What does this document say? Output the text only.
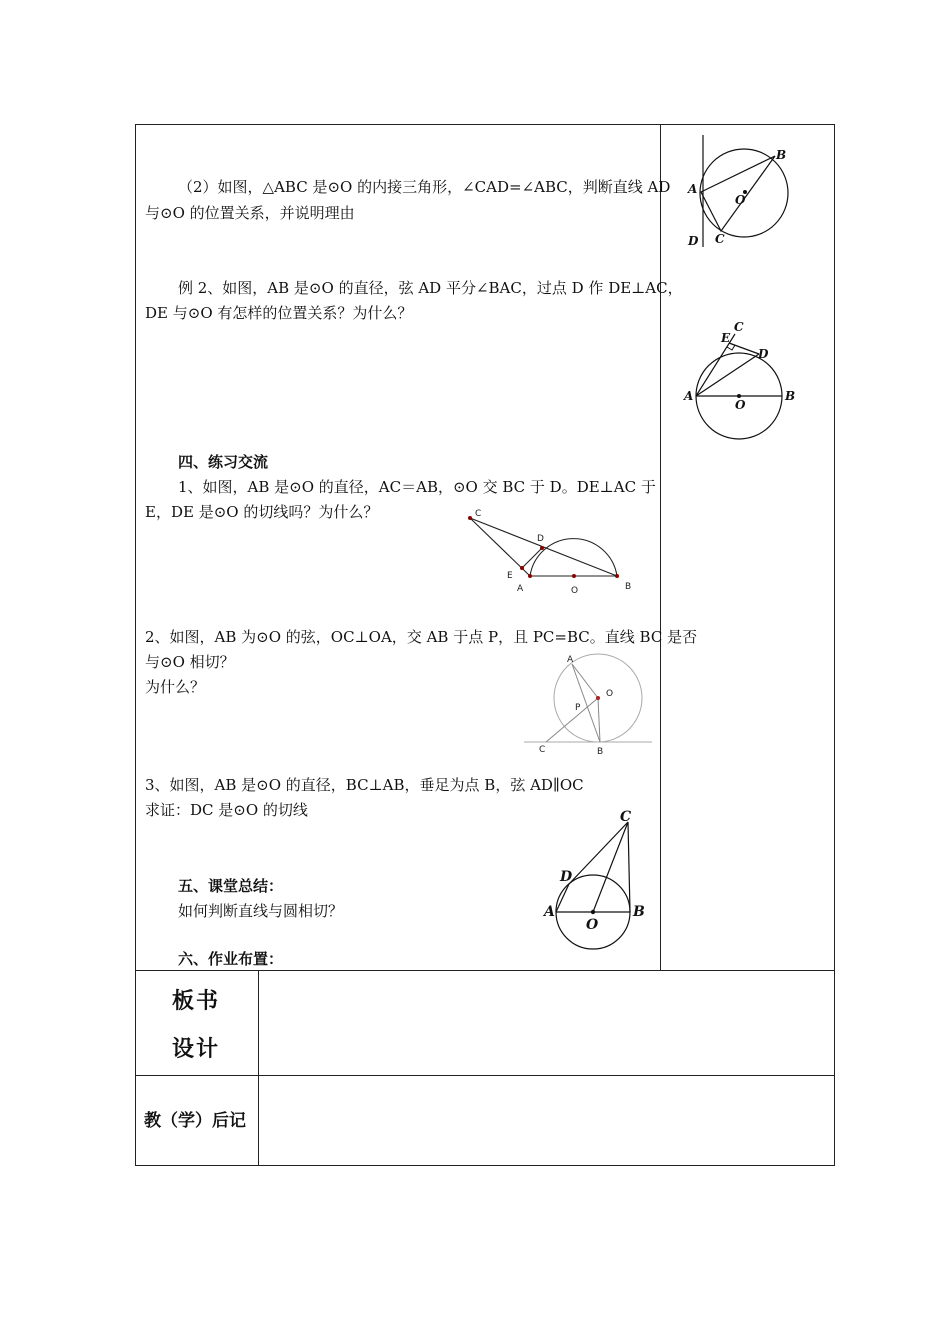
（2）如图，△ABC 是⊙O 的内接三角形，∠CAD=∠ABC，判断直线 AD
与⊙O 的位置关系，并说明理由
例 2、如图，AB 是⊙O 的直径，弦 AD 平分∠BAC，过点 D 作 DE⊥AC，
DE 与⊙O 有怎样的位置关系？为什么？
四、练习交流
1、如图，AB 是⊙O 的直径，AC＝AB，⊙O 交 BC 于 D。DE⊥AC 于
E，DE 是⊙O 的切线吗？为什么？
2、如图，AB 为⊙O 的弦，OC⊥OA，交 AB 于点 P，且 PC=BC。直线 BC 是否
与⊙O 相切？
为什么？
3、如图，AB 是⊙O 的直径，BC⊥AB，垂足为点 B，弦 AD∥OC
求证：DC 是⊙O 的切线
五、课堂总结：
如何判断直线与圆相切？
六、作业布置：
板书
设计
教（学）后记
A
B
C
D
O
A	B
C
D
E
O
C
D
E
A	O	B
A
O
P
C	B
A	B
C
D
O
